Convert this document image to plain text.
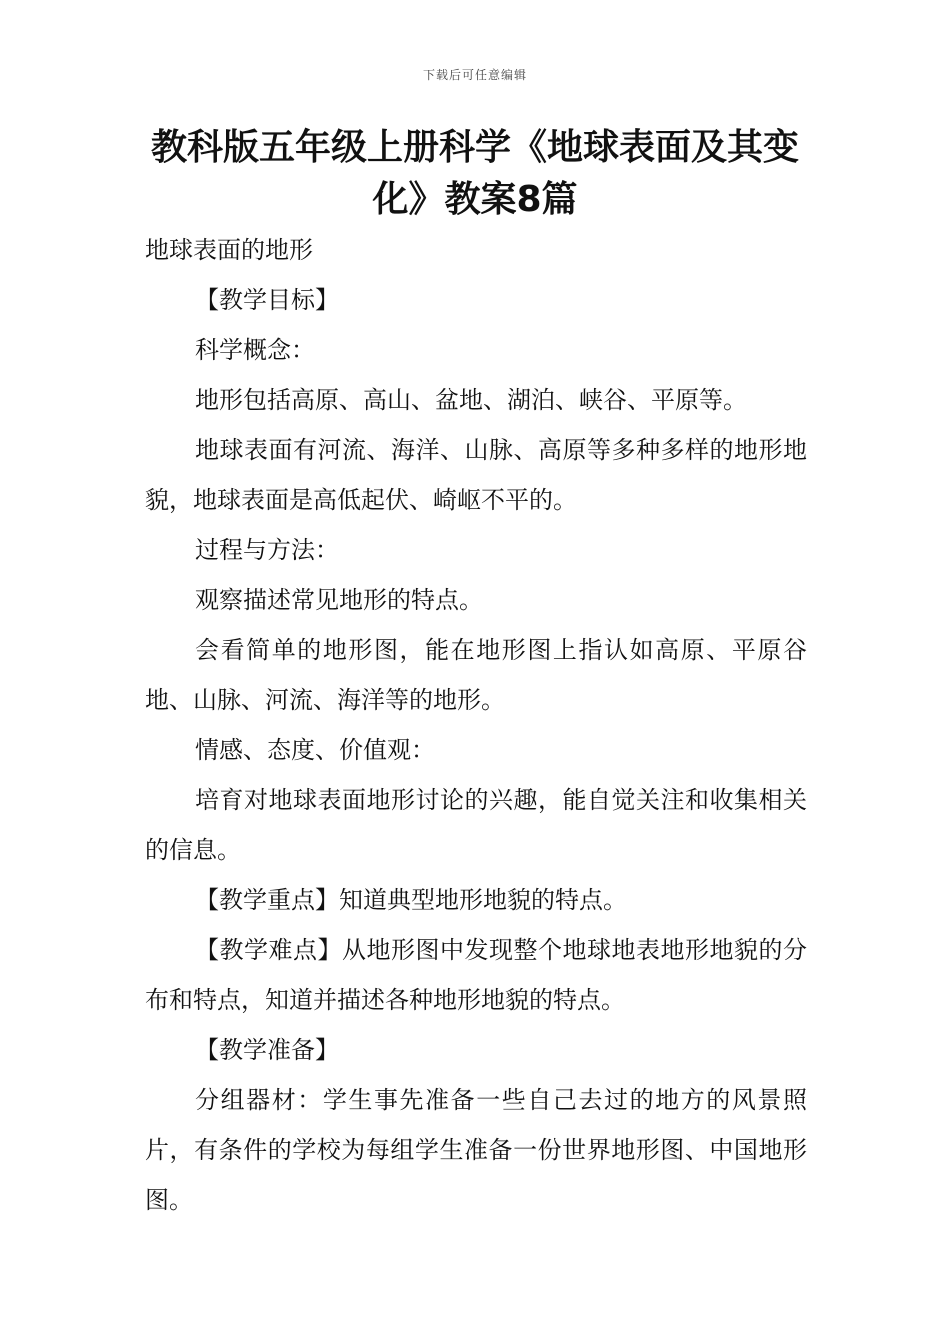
下载后可任意编辑
教科版五年级上册科学《地球表面及其变化》教案8篇

地球表面的地形

【教学目标】

科学概念：

地形包括高原、高山、盆地、湖泊、峡谷、平原等。

地球表面有河流、海洋、山脉、高原等多种多样的地形地貌，地球表面是高低起伏、崎岖不平的。

过程与方法：

观察描述常见地形的特点。

会看简单的地形图，能在地形图上指认如高原、平原谷地、山脉、河流、海洋等的地形。

情感、态度、价值观：

培育对地球表面地形讨论的兴趣，能自觉关注和收集相关的信息。

【教学重点】知道典型地形地貌的特点。

【教学难点】从地形图中发现整个地球地表地形地貌的分布和特点，知道并描述各种地形地貌的特点。

【教学准备】

分组器材：学生事先准备一些自己去过的地方的风景照片，有条件的学校为每组学生准备一份世界地形图、中国地形图。
